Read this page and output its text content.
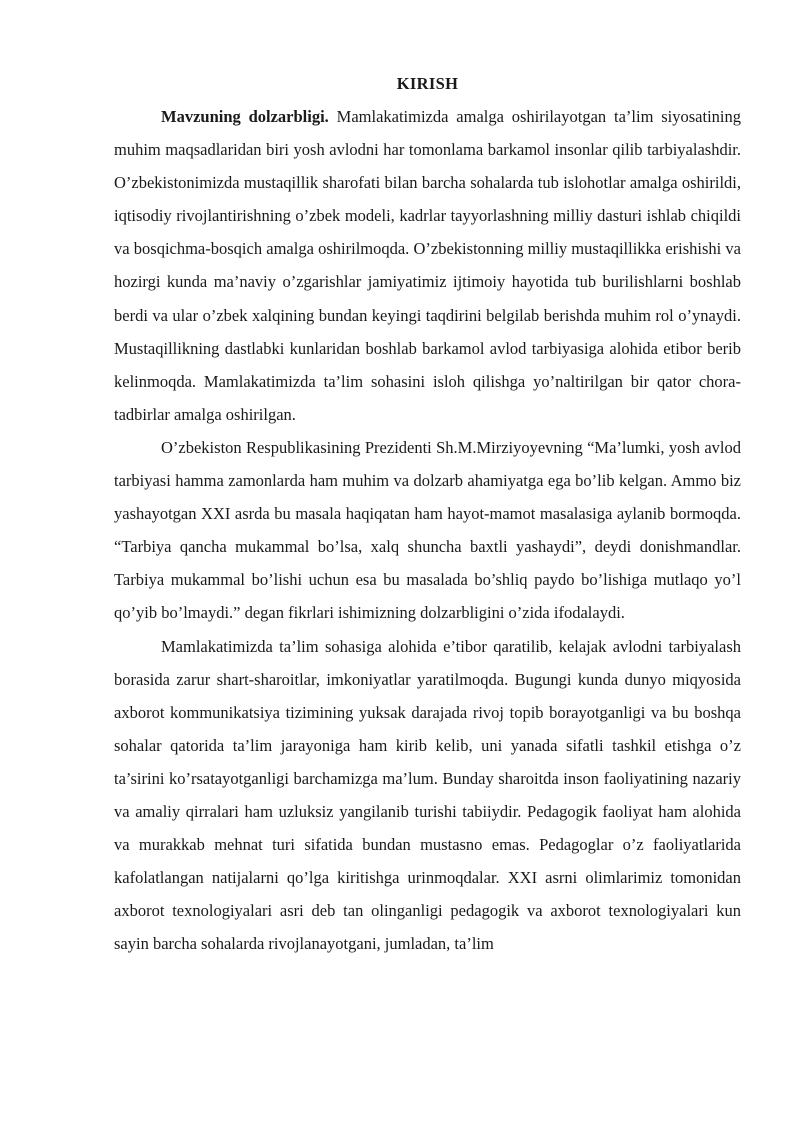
KIRISH

Mavzuning dolzarbligi. Mamlakatimizda amalga oshirilayotgan ta’lim siyosatining muhim maqsadlaridan biri yosh avlodni har tomonlama barkamol insonlar qilib tarbiyalashdir. O’zbekistonimizda mustaqillik sharofati bilan barcha sohalarda tub islohotlar amalga oshirildi, iqtisodiy rivojlantirishning o’zbek modeli, kadrlar tayyorlashning milliy dasturi ishlab chiqildi va bosqichma-bosqich amalga oshirilmoqda. O’zbekistonning milliy mustaqillikka erishishi va hozirgi kunda ma’naviy o’zgarishlar jamiyatimiz ijtimoiy hayotida tub burilishlarni boshlab berdi va ular o’zbek xalqining bundan keyingi taqdirini belgilab berishda muhim rol o’ynaydi. Mustaqillikning dastlabki kunlaridan boshlab barkamol avlod tarbiyasiga alohida etibor berib kelinmoqda. Mamlakatimizda ta’lim sohasini isloh qilishga yo’naltirilgan bir qator chora-tadbirlar amalga oshirilgan.

O’zbekiston Respublikasining Prezidenti Sh.M.Mirziyoyevning “Ma’lumki, yosh avlod tarbiyasi hamma zamonlarda ham muhim va dolzarb ahamiyatga ega bo’lib kelgan. Ammo biz yashayotgan XXI asrda bu masala haqiqatan ham hayot-mamot masalasiga aylanib bormoqda. “Tarbiya qancha mukammal bo’lsa, xalq shuncha baxtli yashaydi”, deydi donishmandlar. Tarbiya mukammal bo’lishi uchun esa bu masalada bo’shliq paydo bo’lishiga mutlaqo yo’l qo’yib bo’lmaydi.” degan fikrlari ishimizning dolzarbligini o’zida ifodalaydi.

Mamlakatimizda ta’lim sohasiga alohida e’tibor qaratilib, kelajak avlodni tarbiyalash borasida zarur shart-sharoitlar, imkoniyatlar yaratilmoqda. Bugungi kunda dunyo miqyosida axborot kommunikatsiya tizimining yuksak darajada rivoj topib borayotganligi va bu boshqa sohalar qatorida ta’lim jarayoniga ham kirib kelib, uni yanada sifatli tashkil etishga o’z ta’sirini ko’rsatayotganligi barchamizga ma’lum. Bunday sharoitda inson faoliyatining nazariy va amaliy qirralari ham uzluksiz yangilanib turishi tabiiydir. Pedagogik faoliyat ham alohida va murakkab mehnat turi sifatida bundan mustasno emas. Pedagoglar o’z faoliyatlarida kafolatlangan natijalarni qo’lga kiritishga urinmoqdalar. XXI asrni olimlarimiz tomonidan axborot texnologiyalari asri deb tan olinganligi pedagogik va axborot texnologiyalari kun sayin barcha sohalarda rivojlanayotgani, jumladan, ta’lim
